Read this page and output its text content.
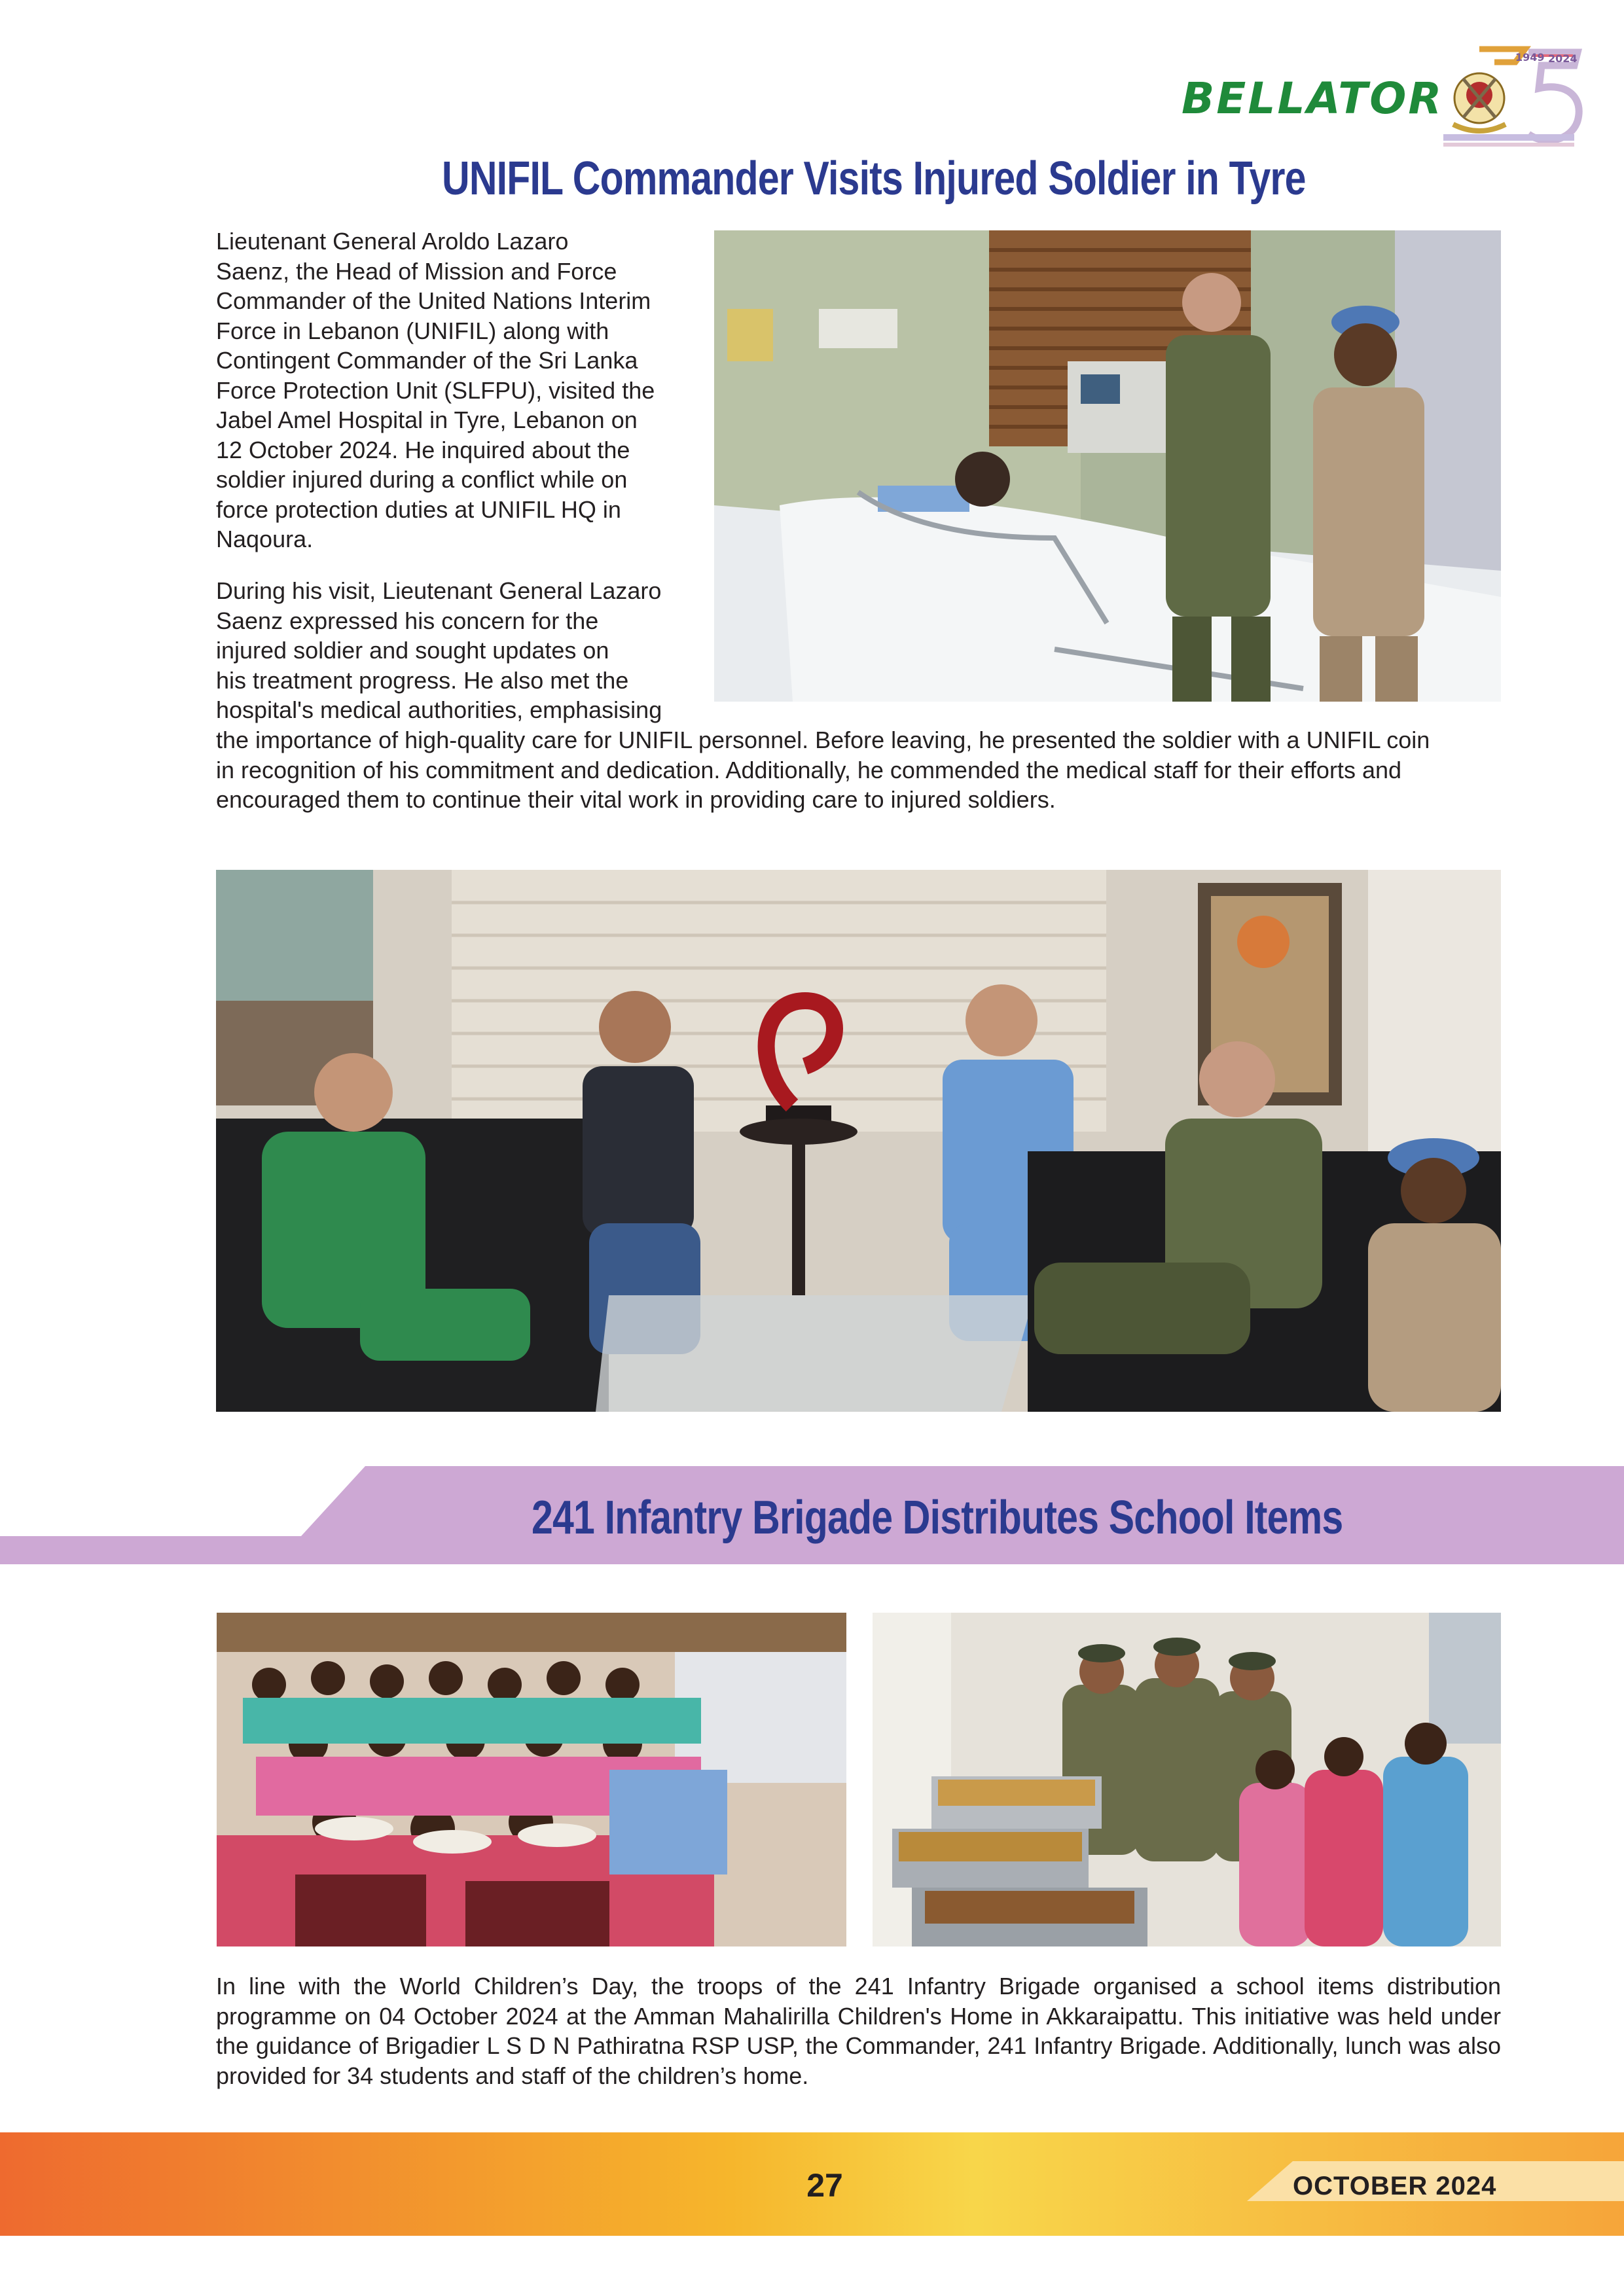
BELLATOR
1949 2024
UNIFIL Commander Visits Injured Soldier in Tyre
Lieutenant General Aroldo Lazaro
Saenz, the Head of Mission and Force
Commander of the United Nations Interim
Force in Lebanon (UNIFIL) along with
Contingent Commander of the Sri Lanka
Force Protection Unit (SLFPU), visited the
Jabel Amel Hospital in Tyre, Lebanon on
12 October 2024. He inquired about the
soldier injured during a conflict while on
force protection duties at UNIFIL HQ in
Naqoura.
During his visit, Lieutenant General Lazaro
Saenz expressed his concern for the
injured soldier and sought updates on
his treatment progress. He also met the
hospital's medical authorities, emphasising
the importance of high-quality care for UNIFIL personnel. Before leaving, he presented the soldier with a UNIFIL coin
in recognition of his commitment and dedication. Additionally, he commended the medical staff for their efforts and
encouraged them to continue their vital work in providing care to injured soldiers.
241 Infantry Brigade Distributes School Items
In line with the World Children’s Day, the troops of the 241 Infantry Brigade organised a school items distribution programme on 04 October 2024 at the Amman Mahalirilla Children's Home in Akkaraipattu. This initiative was held under the guidance of Brigadier L S D N Pathiratna RSP USP, the Commander, 241 Infantry Brigade. Additionally, lunch was also provided for 34 students and staff of the children’s home.
27	OCTOBER 2024
